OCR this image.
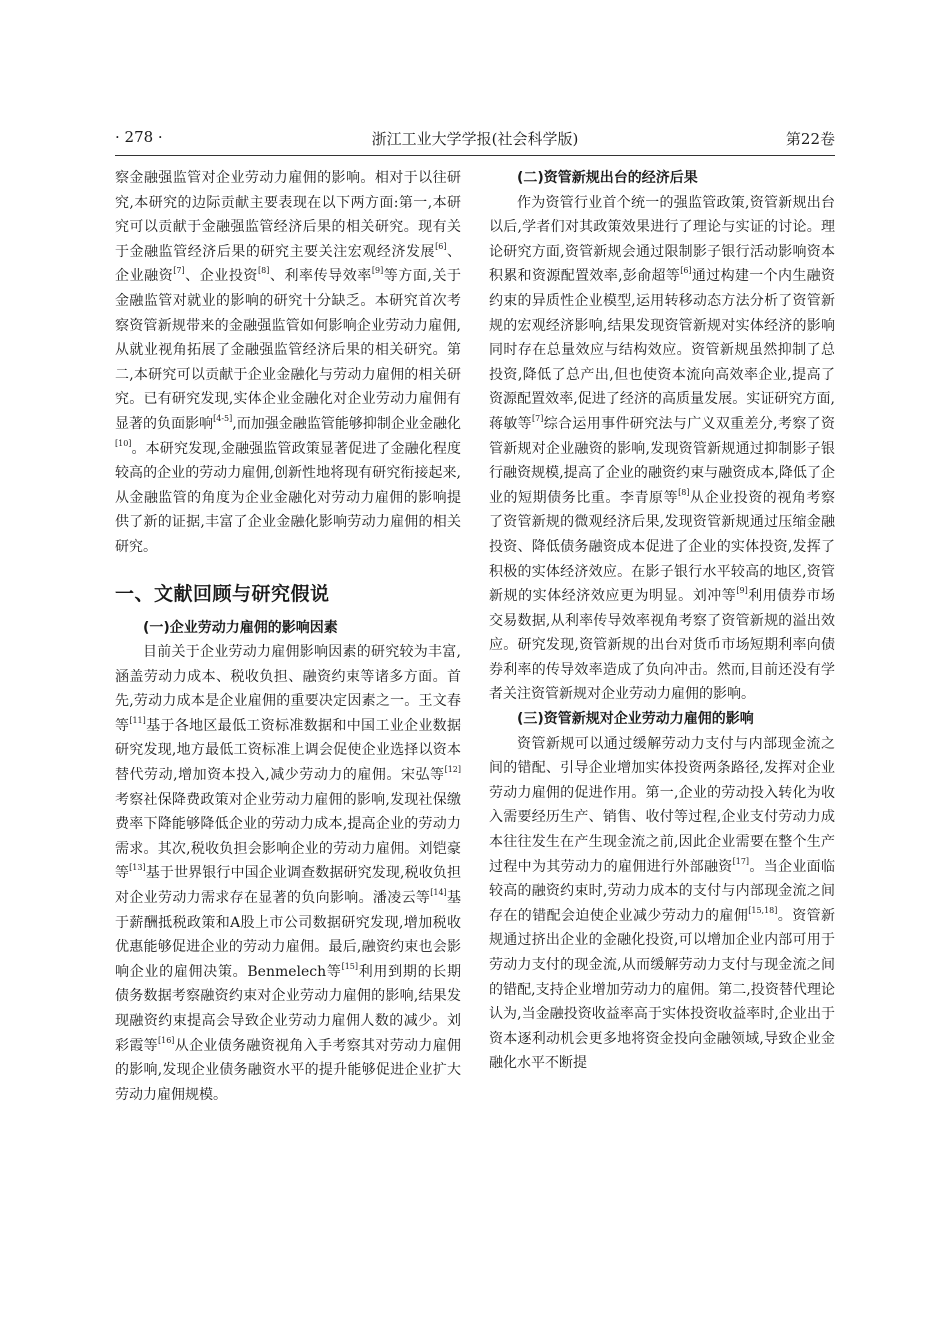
· 278 ·	浙江工业大学学报(社会科学版)	第22卷

察金融强监管对企业劳动力雇佣的影响。相对于以往研究,本研究的边际贡献主要表现在以下两方面:第一,本研究可以贡献于金融强监管经济后果的相关研究。现有关于金融监管经济后果的研究主要关注宏观经济发展[6]、企业融资[7]、企业投资[8]、利率传导效率[9]等方面,关于金融监管对就业的影响的研究十分缺乏。本研究首次考察资管新规带来的金融强监管如何影响企业劳动力雇佣,从就业视角拓展了金融强监管经济后果的相关研究。第二,本研究可以贡献于企业金融化与劳动力雇佣的相关研究。已有研究发现,实体企业金融化对企业劳动力雇佣有显著的负面影响[4-5],而加强金融监管能够抑制企业金融化[10]。本研究发现,金融强监管政策显著促进了金融化程度较高的企业的劳动力雇佣,创新性地将现有研究衔接起来,从金融监管的角度为企业金融化对劳动力雇佣的影响提供了新的证据,丰富了企业金融化影响劳动力雇佣的相关研究。

一、文献回顾与研究假说
(一)企业劳动力雇佣的影响因素

目前关于企业劳动力雇佣影响因素的研究较为丰富,涵盖劳动力成本、税收负担、融资约束等诸多方面。首先,劳动力成本是企业雇佣的重要决定因素之一。王文春等[11]基于各地区最低工资标准数据和中国工业企业数据研究发现,地方最低工资标准上调会促使企业选择以资本替代劳动,增加资本投入,减少劳动力的雇佣。宋弘等[12]考察社保降费政策对企业劳动力雇佣的影响,发现社保缴费率下降能够降低企业的劳动力成本,提高企业的劳动力需求。其次,税收负担会影响企业的劳动力雇佣。刘铠豪等[13]基于世界银行中国企业调查数据研究发现,税收负担对企业劳动力需求存在显著的负向影响。潘凌云等[14]基于薪酬抵税政策和A股上市公司数据研究发现,增加税收优惠能够促进企业的劳动力雇佣。最后,融资约束也会影响企业的雇佣决策。Benmelech等[15]利用到期的长期债务数据考察融资约束对企业劳动力雇佣的影响,结果发现融资约束提高会导致企业劳动力雇佣人数的减少。刘彩霞等[16]从企业债务融资视角入手考察其对劳动力雇佣的影响,发现企业债务融资水平的提升能够促进企业扩大劳动力雇佣规模。

(二)资管新规出台的经济后果

作为资管行业首个统一的强监管政策,资管新规出台以后,学者们对其政策效果进行了理论与实证的讨论。理论研究方面,资管新规会通过限制影子银行活动影响资本积累和资源配置效率,彭俞超等[6]通过构建一个内生融资约束的异质性企业模型,运用转移动态方法分析了资管新规的宏观经济影响,结果发现资管新规对实体经济的影响同时存在总量效应与结构效应。资管新规虽然抑制了总投资,降低了总产出,但也使资本流向高效率企业,提高了资源配置效率,促进了经济的高质量发展。实证研究方面,蒋敏等[7]综合运用事件研究法与广义双重差分,考察了资管新规对企业融资的影响,发现资管新规通过抑制影子银行融资规模,提高了企业的融资约束与融资成本,降低了企业的短期债务比重。李青原等[8]从企业投资的视角考察了资管新规的微观经济后果,发现资管新规通过压缩金融投资、降低债务融资成本促进了企业的实体投资,发挥了积极的实体经济效应。在影子银行水平较高的地区,资管新规的实体经济效应更为明显。刘冲等[9]利用债券市场交易数据,从利率传导效率视角考察了资管新规的溢出效应。研究发现,资管新规的出台对货币市场短期利率向债券利率的传导效率造成了负向冲击。然而,目前还没有学者关注资管新规对企业劳动力雇佣的影响。

(三)资管新规对企业劳动力雇佣的影响

资管新规可以通过缓解劳动力支付与内部现金流之间的错配、引导企业增加实体投资两条路径,发挥对企业劳动力雇佣的促进作用。第一,企业的劳动投入转化为收入需要经历生产、销售、收付等过程,企业支付劳动力成本往往发生在产生现金流之前,因此企业需要在整个生产过程中为其劳动力的雇佣进行外部融资[17]。当企业面临较高的融资约束时,劳动力成本的支付与内部现金流之间存在的错配会迫使企业减少劳动力的雇佣[15,18]。资管新规通过挤出企业的金融化投资,可以增加企业内部可用于劳动力支付的现金流,从而缓解劳动力支付与现金流之间的错配,支持企业增加劳动力的雇佣。第二,投资替代理论认为,当金融投资收益率高于实体投资收益率时,企业出于资本逐利动机会更多地将资金投向金融领域,导致企业金融化水平不断提
